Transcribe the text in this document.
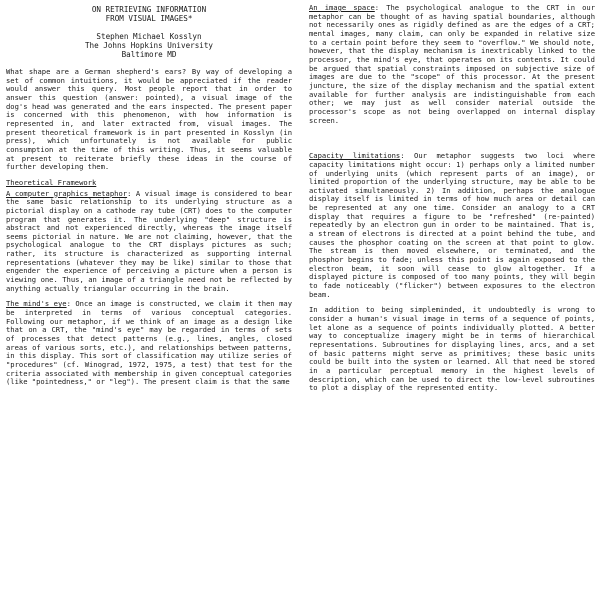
ON RETRIEVING INFORMATION
FROM VISUAL IMAGES*
Stephen Michael Kosslyn
The Johns Hopkins University
Baltimore MD

What shape are a German shepherd's ears? By way of developing a set of common intuitions, it would be appreciated if the reader would answer this query. Most people report that in order to answer this question (answer: pointed), a visual image of the dog's head was generated and the ears inspected. The present paper is concerned with this phenomenon, with how information is represented in, and later extracted from, visual images. The present theoretical framework is in part presented in Kosslyn (in press), which unfortunately is not available for public consumption at the time of this writing. Thus, it seems valuable at present to reiterate briefly these ideas in the course of further developing them.

Theoretical Framework

A computer graphics metaphor: A visual image is considered to bear the same basic relationship to its underlying structure as a pictorial display on a cathode ray tube (CRT) does to the computer program that generates it. The underlying "deep" structure is abstract and not experienced directly, whereas the image itself seems pictorial in nature. We are not claiming, however, that the psychological analogue to the CRT displays pictures as such; rather, its structure is characterized as supporting internal representations (whatever they may be like) similar to those that engender the experience of perceiving a picture when a person is viewing one. Thus, an image of a triangle need not be reflected by anything actually triangular occurring in the brain.

The mind's eye: Once an image is constructed, we claim it then may be interpreted in terms of various conceptual categories. Following our metaphor, if we think of an image as a design like that on a CRT, the "mind's eye" may be regarded in terms of sets of processes that detect patterns (e.g., lines, angles, closed areas of various sorts, etc.), and relationships between patterns, in this display. This sort of classification may utilize series of "procedures" (cf. Winograd, 1972, 1975, a test) that test for the criteria associated with membership in given conceptual categories (like "pointedness," or "leg"). The present claim is that the same

An image space: The psychological analogue to the CRT in our metaphor can be thought of as having spatial boundaries, although not necessarily ones as rigidly defined as are the edges of a CRT; mental images, many claim, can only be expanded in relative size to a certain point before they seem to "overflow." We should note, however, that the display mechanism is inextricably linked to the processor, the mind's eye, that operates on its contents. It could be argued that spatial constraints imposed on subjective size of images are due to the "scope" of this processor. At the present juncture, the size of the display mechanism and the spatial extent available for further analysis are indistinguishable from each other; we may just as well consider material outside the processor's scope as not being overlapped on internal display screen.

Capacity limitations: Our metaphor suggests two loci where capacity limitations might occur: 1) perhaps only a limited number of underlying units (which represent parts of an image), or limited proportion of the underlying structure, may be able to be activated simultaneously. 2) In addition, perhaps the analogue display itself is limited in terms of how much area or detail can be represented at any one time. Consider an analogy to a CRT display that requires a figure to be "refreshed" (re-painted) repeatedly by an electron gun in order to be maintained. That is, a stream of electrons is directed at a point behind the tube, and causes the phosphor coating on the screen at that point to glow. The stream is then moved elsewhere, or terminated, and the phosphor begins to fade; unless this point is again exposed to the electron beam, it soon will cease to glow altogether. If a displayed picture is composed of too many points, they will begin to fade noticeably ("flicker") between exposures to the electron beam.

In addition to being simpleminded, it undoubtedly is wrong to consider a human's visual image in terms of a sequence of points, let alone as a sequence of points individually plotted. A better way to conceptualize imagery might be in terms of hierarchical representations. Subroutines for displaying lines, arcs, and a set of basic patterns might serve as primitives; these basic units could be built into the system or learned. All that need be stored in a particular perceptual memory in the highest levels of description, which can be used to direct the low-level subroutines to plot a display of the represented entity.
